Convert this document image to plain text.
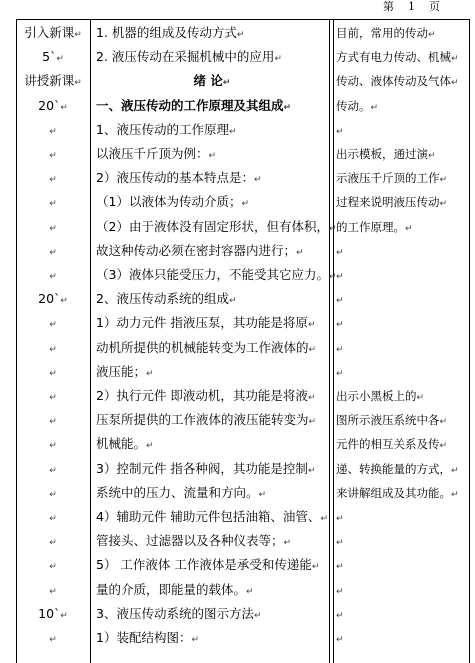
第    1    页
引入新课↵	1. 机器的组成及传动方式↵	目前，常用的传动↵
5`↵	2. 液压传动在采掘机械中的应用↵	方式有电力传动、机械↵
讲授新课↵	绪 论↵	传动、液体传动及气体↵
20`↵	一、液压传动的工作原理及其组成↵	传动。↵
↵	1、液压传动的工作原理↵	↵
↵	以液压千斤顶为例：↵	出示模板，通过演↵
↵	2）液压传动的基本特点是：↵	示液压千斤顶的工作↵
↵	（1）以液体为传动介质；↵	过程来说明液压传动↵
↵	（2）由于液体没有固定形状，但有体积，↵ 的工作原理。↵
↵	故这种传动必须在密封容器内进行；↵	↵
↵	（3）液体只能受压力，不能受其它应力。↵ ↵
20`↵	2、液压传动系统的组成↵	↵
↵	1）动力元件 指液压泵，其功能是将原↵	↵
↵	动机所提供的机械能转变为工作液体的↵	↵
↵	液压能；↵	↵
↵	2）执行元件 即液动机，其功能是将液↵	出示小黑板上的↵
↵	压泵所提供的工作液体的液压能转变为↵	图所示液压系统中各↵
↵	机械能。↵	元件的相互关系及传↵
↵	3）控制元件 指各种阀，其功能是控制↵	递、转换能量的方式，↵
↵	系统中的压力、流量和方向。↵	来讲解组成及其功能。↵
↵	4）辅助元件 辅助元件包括油箱、油管、↵ ↵
↵	管接头、过滤器以及各种仪表等；↵	↵
↵	5） 工作液体 工作液体是承受和传递能↵	↵
↵	量的介质，即能量的载体。↵	↵
10`↵	3、液压传动系统的图示方法↵	↵
↵	1）装配结构图：↵	↵
